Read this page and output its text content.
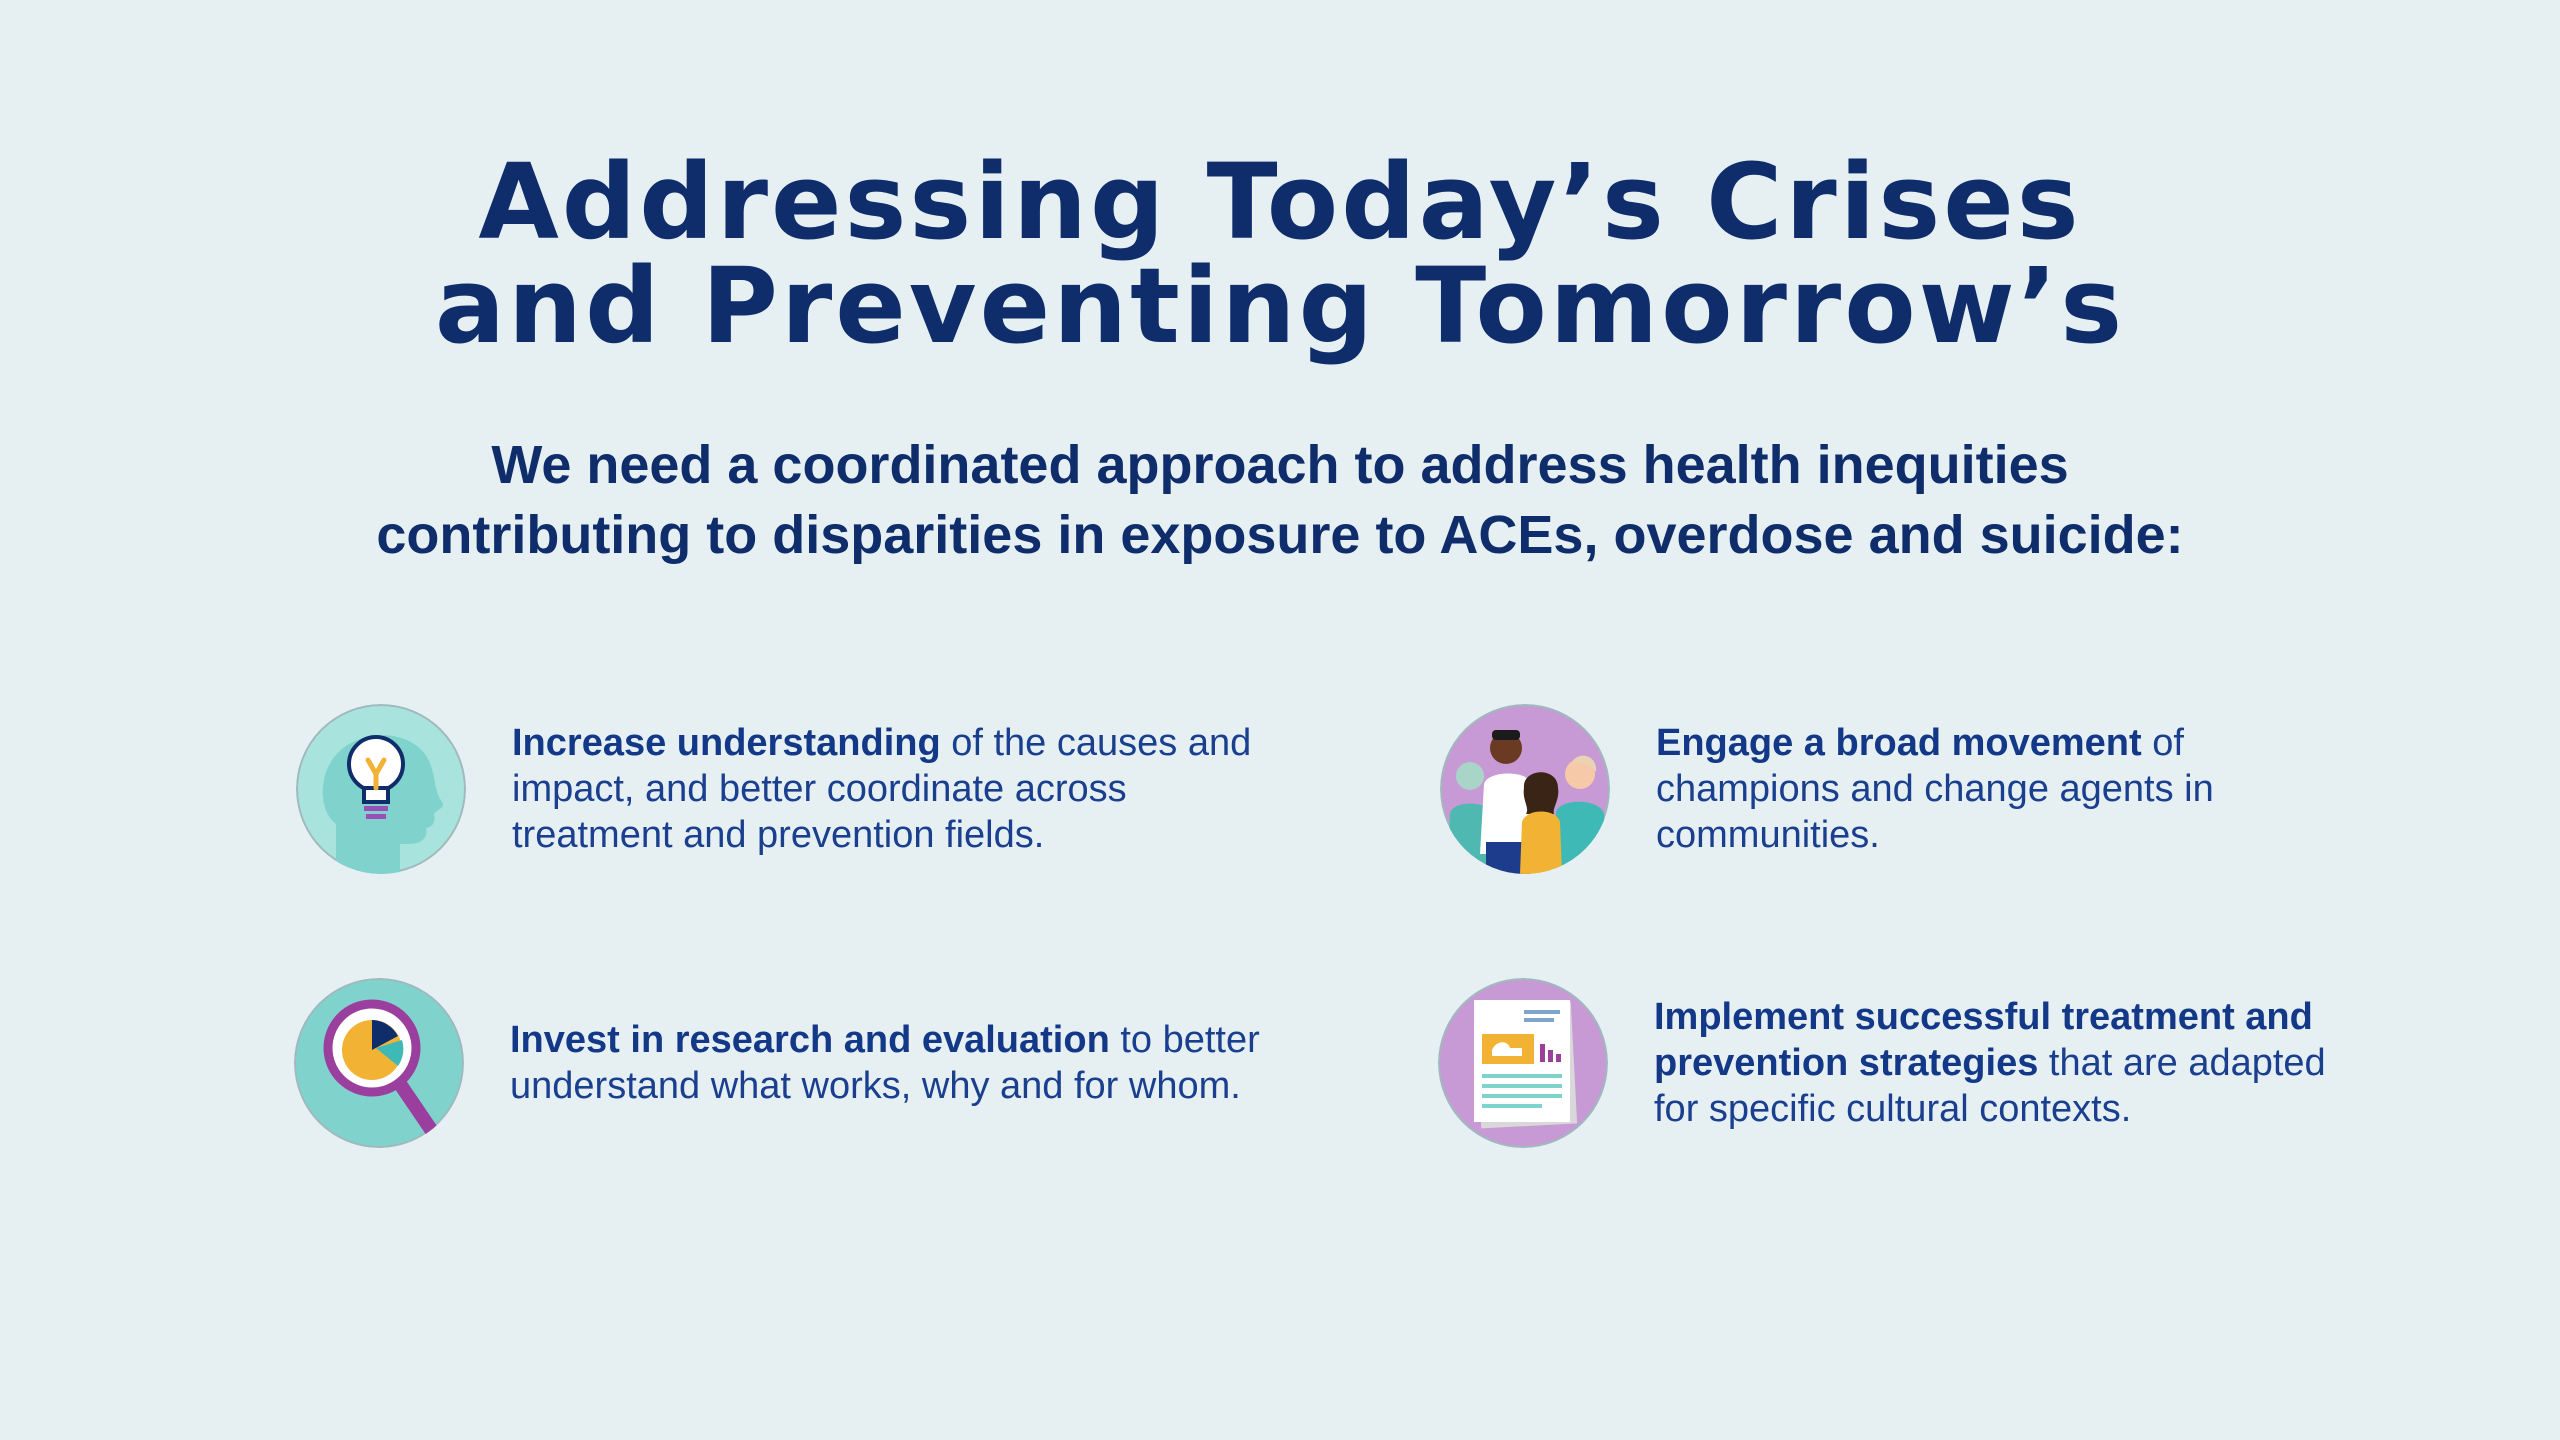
Addressing Today’s Crises
and Preventing Tomorrow’s
We need a coordinated approach to address health inequities
contributing to disparities in exposure to ACEs, overdose and suicide:
Increase understanding of the causes and impact, and better coordinate across treatment and prevention fields.
Engage a broad movement of champions and change agents in communities.
Invest in research and evaluation to better understand what works, why and for whom.
Implement successful treatment and prevention strategies that are adapted for specific cultural contexts.
